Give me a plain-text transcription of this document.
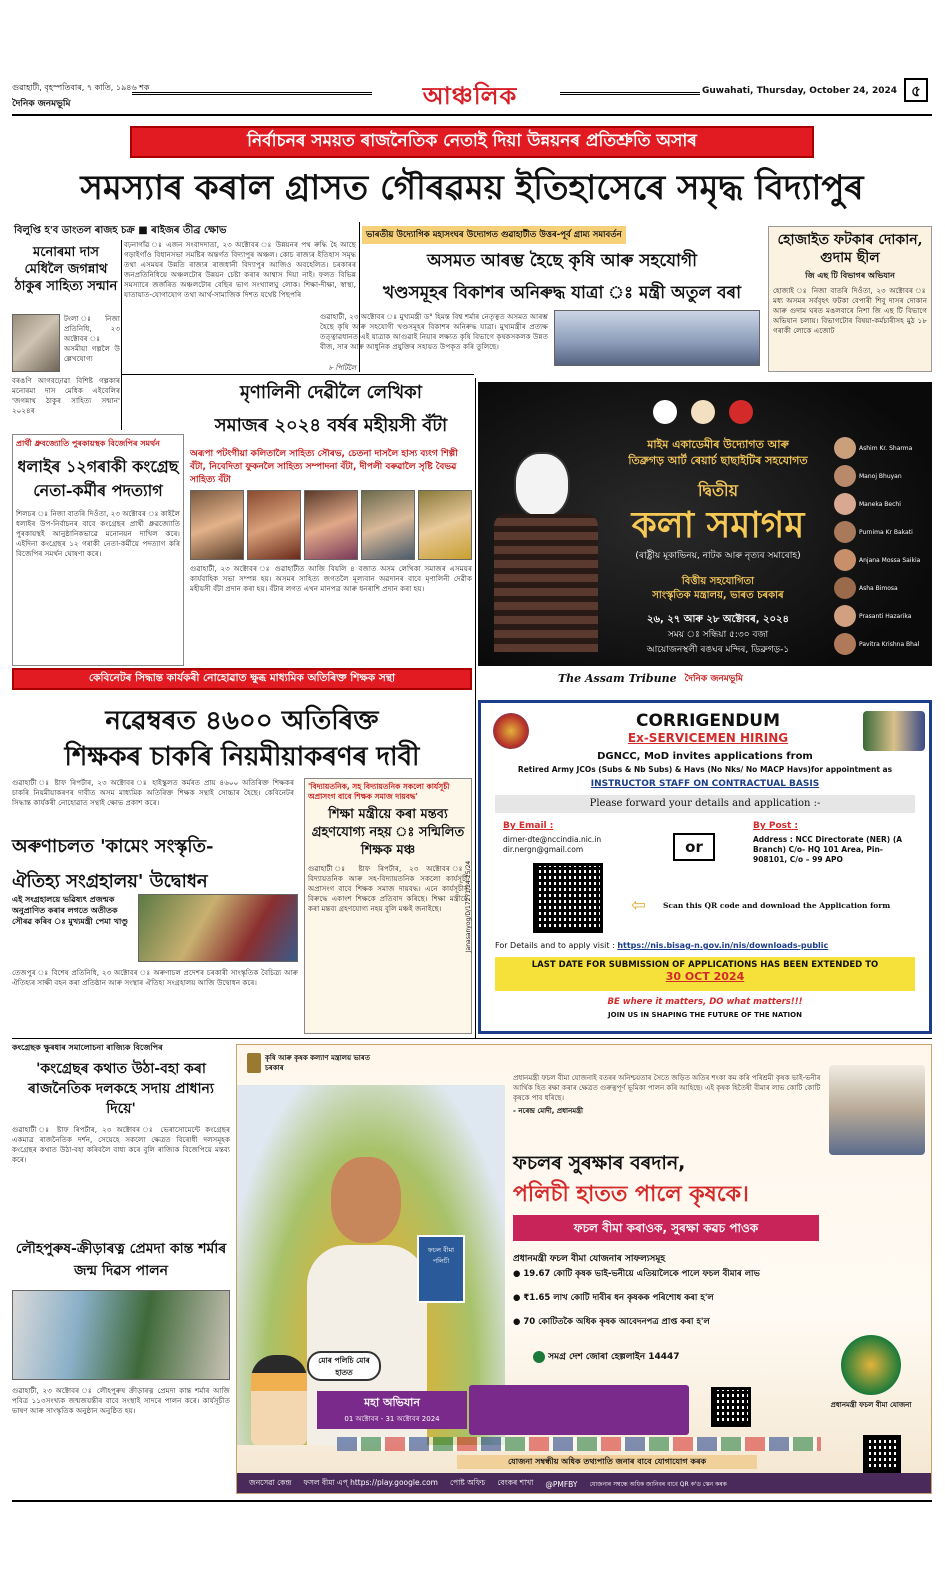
গুৱাহাটী, বৃহস্পতিবাৰ, ৭ কাতি, ১৯৪৬ শক
দৈনিক জনমভূমি	আঞ্চলিক	Guwahati, Thursday, October 24, 2024 ৫
নিৰ্বাচনৰ সময়ত ৰাজনৈতিক নেতাই দিয়া উন্নয়নৰ প্ৰতিশ্ৰুতি অসাৰ
সমস্যাৰ কৰাল গ্ৰাসত গৌৰৱময় ইতিহাসেৰে সমৃদ্ধ বিদ্যাপুৰ
বিলুপ্তি হ'ব ডাংতল ৰাজহ চক্ৰ ■ ৰাইজৰ তীব্ৰ ক্ষোভ
বঢ়নাগাঁৱ ঃ এজন সংবাদদাতা, ২৩ অক্টোবৰ ঃ উন্নয়নৰ পথ ৰুদ্ধি হৈ আছে গড়াইগাঁও বিধানসভা সমষ্টিৰ অন্তৰ্গত বিদ্যাপুৰ অঞ্চল। কোচ ৰাজ্যৰ ইতিহাস সমৃদ্ধ তথা এসময়ৰ উন্নতি ৰাজ্যৰ ৰাজধানী বিদ্যাপুৰ আজিও অবহেলিত। চৰকাৰৰ জনপ্ৰতিনিধিয়ে অঞ্চলটোৰ উন্নয়ন চেষ্টা কৰাৰ আশ্বাস দিয়া নাই। ফলত বিভিন্ন সমস্যাৰে জৰ্জৰিত অঞ্চলটোৰ বেছিৰ ভাগ সংখ্যালঘু লোক। শিক্ষা-দীক্ষা, স্বাস্থ্য, যাতায়াত-যোগাযোগ তথা আৰ্থ-সামাজিক দিশত যথেষ্ট পিছপৰি
৮ পিটিলৈ
মনোৰমা দাস মেধিলৈ জগন্নাথ ঠাকুৰ সাহিত্য সন্মান
টংলা ঃ নিজা প্ৰতিনিধি, ২৩ অক্টোবৰ ঃ অসমীয়া গল্পলৈ উ ল্লেখযোগ্য
বৰঙণি আগবঢ়োৱা বিশিষ্ট গল্পকাৰ মনোৰমা দাস মেধিক এইবেলিৰ 'জগন্নাথ ঠাকুৰ সাহিত্য সন্মান' ২০২৪ৰ
ভাৰতীয় উদ্যোগিক মহাসংঘৰ উদ্যোগত গুৱাহাটীত উত্তৰ-পূৰ্ব গ্ৰাম্য সমাবৰ্তন
অসমত আৰম্ভ হৈছে কৃষি আৰু সহযোগী
খণ্ডসমূহৰ বিকাশৰ অনিৰুদ্ধ যাত্ৰা ঃ মন্ত্ৰী অতুল বৰা
গুৱাহাটী, ২৩ অক্টোবৰ ঃ মুখ্যমন্ত্ৰী ড° হিমন্ত বিশ্ব শৰ্মাৰ নেতৃত্বত অসমত আৰম্ভ হৈছে কৃষি আৰু সহযোগী খণ্ডসমূহৰ বিকাশৰ অনিৰুদ্ধ যাত্ৰা। মুখ্যমন্ত্ৰীৰ প্ৰত্যক্ষ তত্ত্বাৱধানত এই যাত্ৰাক আগুৱাই নিয়াৰ লক্ষ্যত কৃষি বিভাগে কৃষকসকলক উন্নত বীজ, সাৰ আৰু আধুনিক প্ৰযুক্তিৰ সহায়ত উপকৃত কৰি তুলিছে।
হোজাইত ফটকাৰ দোকান, গুদাম ছীল
জি এছ টি বিভাগৰ অভিযান
হোজাই ঃ নিজা বাতৰি দিওঁতা, ২৩ অক্টোবৰ ঃ মধ্য অসমৰ সৰ্ববৃহৎ ফটকা বেপাৰী শিবু দাসৰ দোকান আৰু গুদাম ঘৰত মঙলবাৰে নিশা জি এছ টি বিভাগে অভিযান চলায়। বিভাগটোৰ বিষয়া-কৰ্মচাৰীসহ মুঠ ১৮ গৰাকী লোকে এজোট
মৃণালিনী দেৱীলৈ লেখিকা
সমাজৰ ২০২৪ বৰ্ষৰ মহীয়সী বঁটা
অৰূপা পটংগীয়া কলিতালৈ সাহিত্য সৌৰভ, চেতনা দাসলৈ হাস্য ব্যংগ শিল্পী বঁটা, নিবেদিতা ফুকনলৈ সাহিত্য সম্পাদনা বঁটা, দীপলী বৰুৱালৈ সৃষ্টি বৈভৱ সাহিত্য বঁটা
গুৱাহাটী, ২৩ অক্টোবৰ ঃ গুৱাহাটীত আজি বিয়লি ৪ বজাত অসম লেখিকা সমাজৰ এসময়ৰ কাৰ্যবাহিক সভা সম্পন্ন হয়। অসমৰ সাহিত্য জগতলৈ মূল্যবান অৱদানৰ বাবে মৃণালিনী দেৱীক মহীয়সী বঁটা প্ৰদান কৰা হয়। বঁটাৰ লগত এখন মানপত্ৰ আৰু ধনৰাশি প্ৰদান কৰা হয়।
প্ৰাৰ্থী ধ্ৰুবজ্যোতি পুৰকায়স্থক বিজেপিৰ সমৰ্থন
ধলাইৰ ১২গৰাকী কংগ্ৰেছ নেতা-কৰ্মীৰ পদত্যাগ
শিলচৰ ঃ নিজা বাতৰি দিওঁতা, ২৩ অক্টোবৰ ঃ কাইলৈ ধলাইৰ উপ-নিৰ্বাচনৰ বাবে কংগ্ৰেছৰ প্ৰাৰ্থী ধ্ৰুৱজ্যোতি পুৰকায়স্থই আনুষ্ঠানিকভাৱে মনোনয়ন দাখিল কৰে। এইদিনা কংগ্ৰেছৰ ১২ গৰাকী নেতা-কৰ্মীয়ে পদত্যাগ কৰি বিজেপিৰ সমৰ্থন ঘোষণা কৰে।
কেবিনেটৰ সিদ্ধান্ত কাৰ্যকৰী নোহোৱাত ক্ষুব্ধ মাধ্যমিক অতিৰিক্ত শিক্ষক সন্থা
নৱেম্বৰত ৪৬০০ অতিৰিক্ত
শিক্ষকৰ চাকৰি নিয়মীয়াকৰণৰ দাবী
গুৱাহাটী ঃ ষ্টাফ ৰিপৰ্টাৰ, ২৩ অক্টোবৰ ঃ হাইস্কুলত কৰ্মৰত প্ৰায় ৪৬০০ অতিৰিক্ত শিক্ষকৰ চাকৰি নিয়মীয়াকৰণৰ দাবীত অসম মাধ্যমিক অতিৰিক্ত শিক্ষক সন্থাই সোচ্চাৰ হৈছে। কেবিনেটৰ সিদ্ধান্ত কাৰ্যকৰী নোহোৱাত সন্থাই ক্ষোভ প্ৰকাশ কৰে।
'বিদ্যায়তনিক, সহ বিদ্যায়তনিক সকলো কাৰ্যসূচী অপ্ৰাসংগ বাবে শিক্ষক সমাজ দায়বদ্ধ'
শিক্ষা মন্ত্ৰীয়ে কৰা মন্তব্য গ্ৰহণযোগ্য নহয় ঃ সন্মিলিত শিক্ষক মঞ্চ
গুৱাহাটী ঃ ষ্টাফ ৰিপৰ্টাৰ, ২৩ অক্টোবৰ ঃ বিদ্যায়তনিক আৰু সহ-বিদ্যায়তনিক সকলো কাৰ্যসূচী অপ্ৰাসংগ বাবে শিক্ষক সমাজ দায়বদ্ধ। এনে কাৰ্যসূচীৰ বিৰুদ্ধে একাংশ শিক্ষকে প্ৰতিবাদ কৰিছে। শিক্ষা মন্ত্ৰীয়ে কৰা মন্তব্য গ্ৰহণযোগ্য নহয় বুলি মঞ্চই জনাইছে।
অৰুণাচলত 'কামেং সংস্কৃতি-
ঐতিহ্য সংগ্ৰহালয়' উদ্বোধন
এই সংগ্ৰহালয়ে ভৱিষ্যৎ প্ৰজন্মক অনুপ্ৰাণিত কৰাৰ লগতে অতীতক সৌৰৱ কৰিব ঃ মুখ্যমন্ত্ৰী পেমা খাণ্ডু
তেজপুৰ ঃ বিশেষ প্ৰতিনিধি, ২৩ অক্টোবৰ ঃ অৰুণাচল প্ৰদেশৰ চৰকাৰী সাংস্কৃতিক বৈচিত্ৰ্য আৰু ঐতিহ্যৰ সাক্ষী বহন কৰা প্ৰতিষ্ঠান আৰু সংস্থাৰ ঐতিহ্য সংগ্ৰহালয় আজি উদ্বোধন কৰে।
কংগ্ৰেছক ক্ষুৰধাৰ সমালোচনা ৰাজ্যিক বিজেপিৰ
'কংগ্ৰেছৰ কথাত উঠা-বহা কৰা ৰাজনৈতিক দলকহে সদায় প্ৰাধান্য দিয়ে'
গুৱাহাটী ঃ ষ্টাফ ৰিপৰ্টাৰ, ২৩ অক্টোবৰ ঃ ভেৰাসোমেন্টে কংগ্ৰেছৰ একমাত্ৰ ৰাজনৈতিক দৰ্শন, সেয়েহে সকলো ক্ষেত্ৰত বিৰোধী দলসমূহক কংগ্ৰেছৰ কথাত উঠা-বহা কৰিবলৈ বাধ্য কৰে বুলি ৰাজ্যিক বিজেপিয়ে মন্তব্য কৰে।
লৌহপুৰুষ-ক্ৰীড়াৰত্ন প্ৰেমদা কান্ত শৰ্মাৰ জন্ম দিৱস পালন
গুৱাহাটী, ২৩ অক্টোবৰ ঃ লৌহপুৰুষ ক্ৰীড়াৰত্ন প্ৰেমদা কান্ত শৰ্মাৰ আজি পবিত্ৰ ১১৩সংখ্যক জন্মজয়ন্তীৰ বাবে সংস্থাই সাদৰে পালন কৰে। কাৰ্যসূচীত ভাষণ আৰু সাংস্কৃতিক অনুষ্ঠান অনুষ্ঠিত হয়।
মাইম একাডেমীৰ উদ্যোগত আৰু
তিব্ৰুগড় আৰ্ট ৰেয়াৰ্চ ছাছাইটিৰ সহযোগত
দ্বিতীয়
কলা সমাগম
(ৰাষ্ট্ৰীয় মূকাভিনয়, নাটক আৰু নৃত্যৰ সমাৰোহ)
বিত্তীয় সহযোগিতা
সাংস্কৃতিক মন্ত্ৰালয়, ভাৰত চৰকাৰ
২৬, ২৭ আৰু ২৮ অক্টোবৰ, ২০২৪
সময় ঃ সন্ধিয়া ৫:৩০ বজা
আয়োজনস্থলী ৰঙঘৰ মন্দিৰ, ডিব্ৰুগড়-১
Ashim Kr. Sharma
Manoj Bhuyan
Maneka Bechi
Purnima Kr Bakati
Anjana Mossa Saikia
Asha Bimosa
Prasanti Hazarika
Pavitra Krishna Bhal
The Assam Tribune দৈনিক জনমভূমি
CORRIGENDUM
Ex-SERVICEMEN HIRING
DGNCC, MoD invites applications from
Retired Army JCOs (Subs & Nb Subs) & Havs (No Nks/ No MACP Havs)for appointment as
INSTRUCTOR STAFF ON CONTRACTUAL BASIS
Please forward your details and application :-
By Email :
dirner-dte@nccindia.nic.in
dir.nergn@gmail.com	or
By Post :
Address : NCC Directorate (NER) (A Branch) C/o- HQ 101 Area, Pin-908101, C/o – 99 APO
⇦ Scan this QR code and download the Application form
For Details and to apply visit : https://nis.bisag-n.gov.in/nis/downloads-public
LAST DATE FOR SUBMISSION OF APPLICATIONS HAS BEEN EXTENDED TO
30 OCT 2024
BE where it matters, DO what matters!!!
JOIN US IN SHAPING THE FUTURE OF THE NATION
Janasanyog/D/17271/24-25/24
কৃষি আৰু কৃষক কল্যাণ মন্ত্ৰালয় ভাৰত চৰকাৰ
প্ৰধানমন্ত্ৰী ফচল বীমা যোজনাই বতৰৰ অনিশ্চয়তাৰ সৈতে জড়িত অতিৰ শংকা কম কৰি পৰিশ্ৰমী কৃষক ভাই-ভনীৰ আৰ্থিক হিত ৰক্ষা কৰাৰ ক্ষেত্ৰত গুৰুত্বপূৰ্ণ ভূমিকা পালন কৰি আহিছে। এই কৃষক হিতৈষী বীমাৰ লাভ কোটি কোটি কৃষকে পাব ধৰিছে।
- নৰেন্দ্ৰ মোদী, প্ৰধানমন্ত্ৰী
ফচলৰ সুৰক্ষাৰ বৰদান,
পলিচী হাতত পালে কৃষকে।
ফচল বীমা কৰাওক, সুৰক্ষা কৱচ পাওক
প্ৰধানমন্ত্ৰী ফচল বীমা যোজনাৰ সাফল্যসমূহ
● 19.67 কোটি কৃষক ভাই-ভনীয়ে এতিয়ালৈকে পালে ফচল বীমাৰ লাভ
● ₹1.65 লাখ কোটি দাবীৰ ধন কৃষকক পৰিশোধ কৰা হ'ল
● 70 কোটিতকৈ অধিক কৃষক আবেদনপত্ৰ প্ৰাপ্ত কৰা হ'ল
সমগ্ৰ দেশ জোৰা হেল্পলাইন 14447
ফচল বীমা পলিচী
মোৰ পলিচি মোৰ হাতত
মহা অভিযান
01 অক্টোবৰ - 31 অক্টোবৰ 2024
প্ৰধানমন্ত্ৰী ফচল বীমা যোজনা
যোজনা সম্বন্ধীয় অধিক তথ্যপাতি জনাৰ বাবে যোগাযোগ কৰক
জনসেৱা কেন্দ্ৰ ফসল বীমা এপ্ https://play.google.com পোষ্ট অফিচ বেংকৰ শাখা @PMFBY যোজনাৰ সম্বন্ধে অধিক জানিবৰ বাবে QR ক'ড স্কেন কৰক
